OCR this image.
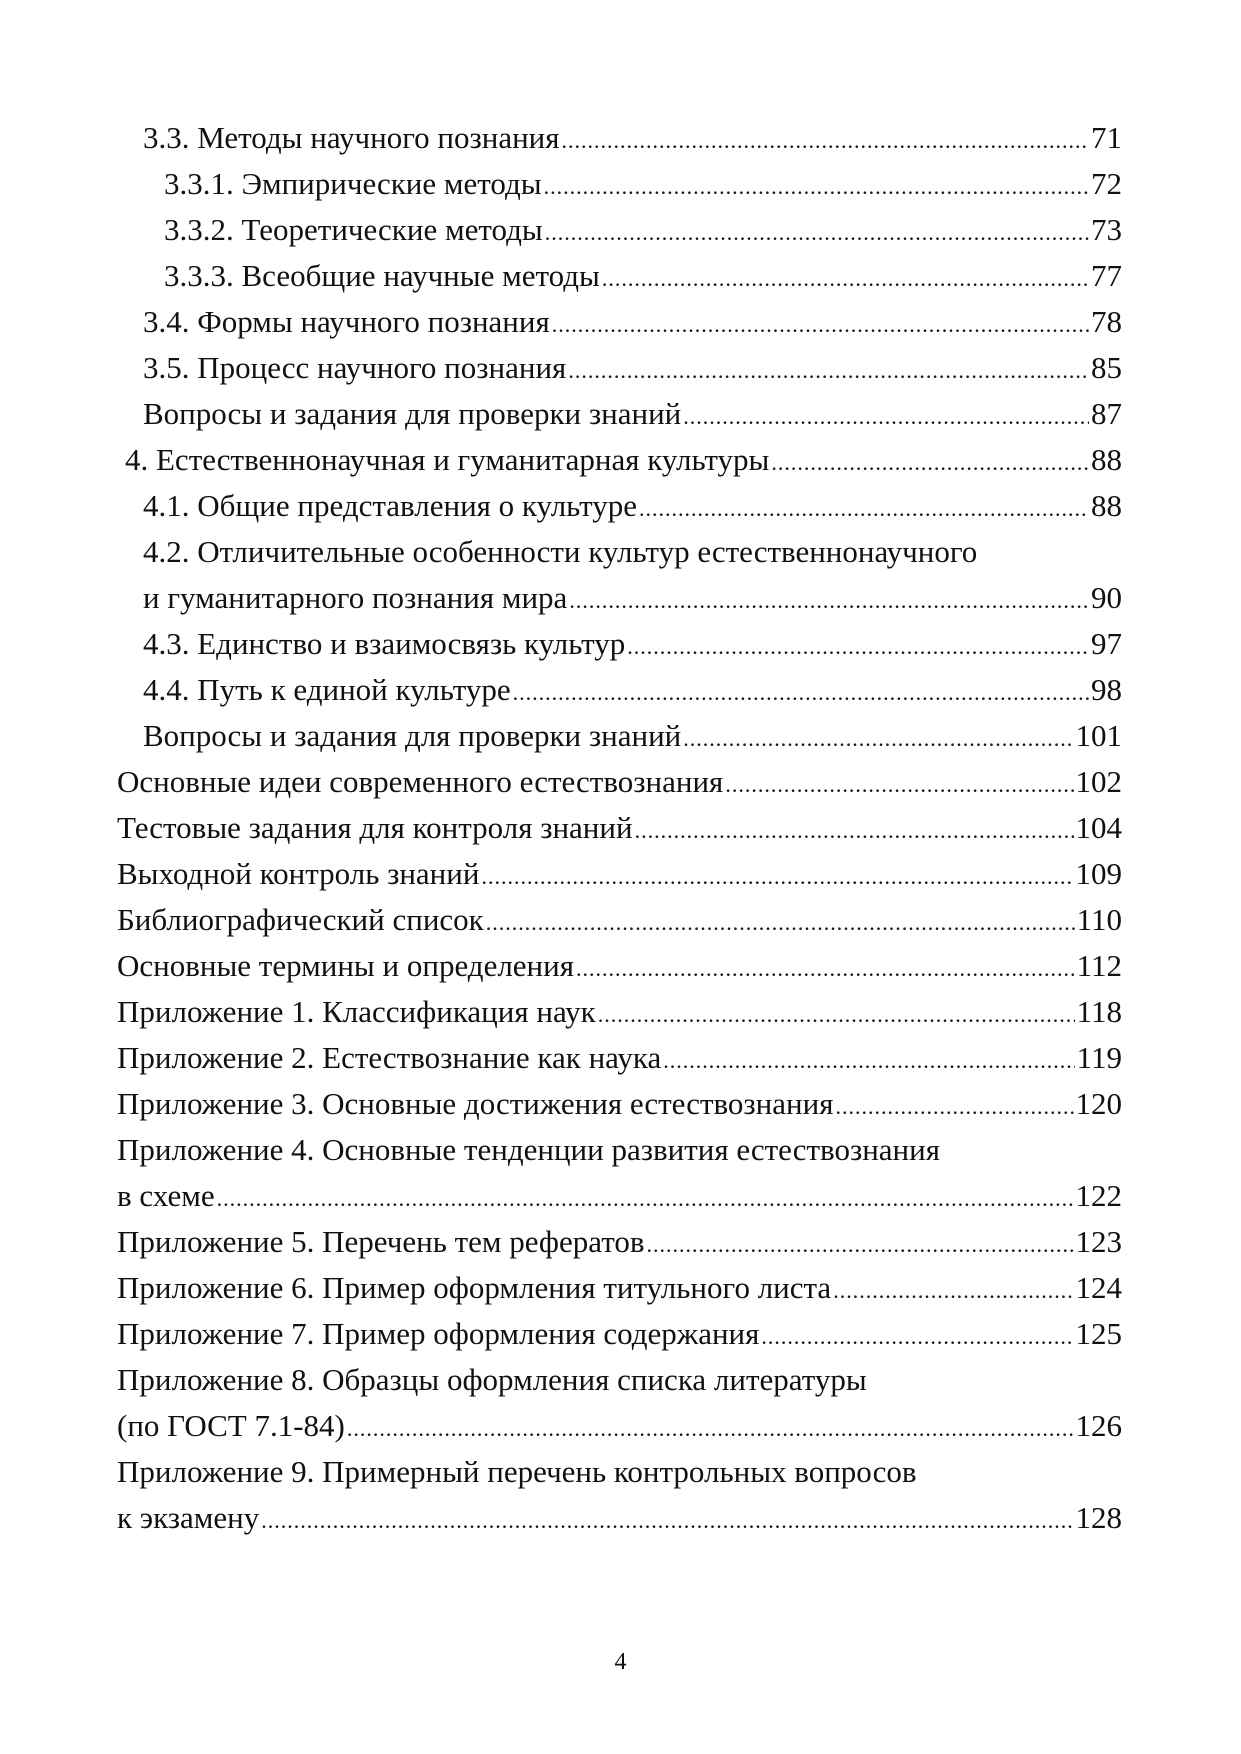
3.3. Методы научного познания .....	71
3.3.1. Эмпирические методы .....	72
3.3.2. Теоретические методы .....	73
3.3.3. Всеобщие научные методы .....	77
3.4. Формы научного познания .....	78
3.5. Процесс научного познания .....	85
Вопросы и задания для проверки знаний .....	87
4. Естественнонаучная и гуманитарная культуры .....	88
4.1. Общие представления о культуре .....	88
4.2. Отличительные особенности культур естественнонаучного
и гуманитарного познания мира .....	90
4.3. Единство и взаимосвязь культур .....	97
4.4. Путь к единой культуре .....	98
Вопросы и задания для проверки знаний .....	101
Основные идеи современного естествознания .....	102
Тестовые задания для контроля знаний .....	104
Выходной контроль знаний .....	109
Библиографический список .....	110
Основные термины и определения .....	112
Приложение 1. Классификация наук .....	118
Приложение 2. Естествознание как наука .....	119
Приложение 3. Основные достижения естествознания .....	120
Приложение 4. Основные тенденции развития естествознания
в схеме .....	122
Приложение 5. Перечень тем рефератов .....	123
Приложение 6. Пример оформления титульного листа .....	124
Приложение 7. Пример оформления содержания .....	125
Приложение 8. Образцы оформления списка литературы
(по ГОСТ 7.1-84) .....	126
Приложение 9. Примерный перечень контрольных вопросов
к экзамену .....	128
4
